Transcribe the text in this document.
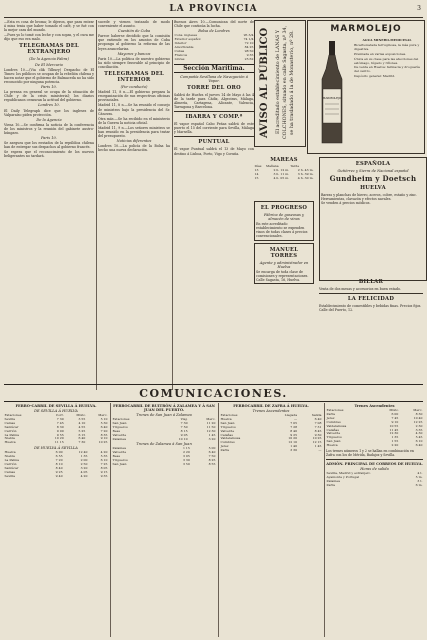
LA PROVINCIA	3

—Esta es cosa de broma; le dijeron, que para entrar á misa tenia que haber tomado el café, y se fué con la mejor cara del mundo.

—Pues yo lo tomé con leche y con sopas, y el cura me dijo que eso era malo.

TELEGRAMAS DEL EXTRANJERO
(De la Agencia Fabra)
De El Mercurio

Londres 10.—(Via clik Tilbury) Despacho de El Times: los públicos se ocupan de la rebelión chilena y hacen notar que el gobierno de Balmaceda no ha sido reconocido por ninguna potencia.

Paris 10.

La prensa en general se ocupa de la situación de Chile y de la crisis ministerial; los diarios republicanos censuran la actitud del gobierno.

Londres 10.

El Daily Telegraph dice que los ingleses de Valparaíso piden protección.

De la Agencia

Viena 10.—Se confirma la noticia de la conferencia de los ministros y la reunión del gabinete austro-húngaro.

Paris 10.

Se asegura que los enviados de la república chilena han de entregar sus despachos al gobierno francés.

Se espera que el reconocimiento de los nuevos beligerantes no tardará.

sucede y vienen tratando de modo conveniente el asunto.

Cuestión de Cuba

Parece haberse decidido que la comisión que entiende en los asuntos de Cuba proponga al gobierno la reforma de las leyes arancelarias.

Mayores y bancos

Paris 10.—La politica de nuestro gobierno ha sido siempre favorable al principio de conciliación.

TELEGRAMAS DEL INTERIOR
(Por conducto)

Madrid 11, 8 n.—El gobierno prepara la reorganización de sus respectivas oficinas provinciales.

Madrid 11, 8 n.—Se ha reunido el consejo de ministros bajo la presidencia del Sr. Cánovas.

Otra más.—Se ha recibido en el ministerio de la Guerra la noticia oficial.

Madrid 11, 9 n.—Los señores ministros se han reunido en la presidencia para tratar del presupuesto.

Noticias diferentes

Londres 10.—La policía de la Bolsa ha hecho una nueva declaración.

Buenos Aires 10.—Comunican del norte de Chile que continúa la lucha.

Bolsa de Londres
Cons. ingleses	95 3/4
Exterior español	74 1/4
Interior	72 10
Amortizable	84 25
Cubas	98 50
Francos	9 35
Libras	25 62
Sección Marítima.
Compañía Sevillana de Navegación á Vapor.
TORRE DEL ORO

Saldrá de Huelva el jueves 14 de Mayo á las 4 de la tarde para Cádiz, Algeciras, Málaga, Almería, Cartagena, Alicante, Valencia, Tarragona y Barcelona.

IBARRA Y COMP.ª

El vapor español Cabo Peñas saldrá de este puerto el 15 del corriente para Sevilla, Málaga y Marsella.

PUNTUAL

El vapor Puntual saldrá el 13 de Mayo con destino á Lisboa, Porto, Vigo y Coruña.

AVISO AL PÚBLICO El acreditado establecimiento de LANAS Y COLCHONES, situado en calle Sagasta, nº 34, se ha trasladado á la de Monasterio, nº 28.
MARMOLEJO
MARMOLEJO

AGUA MINERO-MEDICINAL

Bicarbonatada ferruginosa, la más pura y digestiva.

Premiada en varias exposiciones.

Única en su clase para las afecciones del estómago, hígado y riñones.

De venta en Huelva: farmacia y droguería del centro.

Depósito general: Madrid.

MAREAS
Días	Mañana	Tarde
13	2 h. 12 m.	2 h. 43 m.
14	3 h. 11 m.	3 h. 39 m.
15	4 h. 05 m.	4 h. 30 m.
EL PROGRESO
Fábrica de gaseosas y almacén de vinos

En este acreditado establecimiento se expenden vinos de todas clases á precios convencionales.

MANUEL TORRES
Agente y administrador en Huelva

Se encarga de toda clase de comisiones y representaciones. Calle Sagasta, 16, Huelva.

ESPAÑOLA
Gutiérrez y Sierra de Nacional español
Gundheim y Doetsch
HUELVA

Barras y planchas de hierro, aceros, cobre, estaño y zinc.

Herramientas, clavazón y efectos navales.

Se venden á precios módicos.

BILLAR

Venta de dos mesas y accesorios en buen estado.

LA FELICIDAD

Establecimiento de comestibles y bebidas finas. Precios fijos. Calle del Puerto, 12.

COMUNICACIONES.
FERRO-CARRIL DE SEVILLA Á HUELVA.
DE SEVILLA Á HUELVA
Estaciones	Corr.	Mixto	Merc.
Sevilla	7 30	3 55	5 10
Camas	7 45	4 10	5 30
Sanlúcar	8 30	4 55	6 40
Carrión	9 00	5 25	7 20
La Palma	9 55	6 15	8 35
Niebla	10 20	6 40	9 10
Huelva	11 15	7 30	10 25
DE HUELVA Á SEVILLA
Huelva	6 00	12 40	4 20
Niebla	6 55	1 35	5 35
La Palma	7 20	2 00	6 10
Carrión	8 10	2 50	7 25
Sanlúcar	8 40	3 20	8 05
Camas	9 25	4 05	9 15
Sevilla	9 40	4 20	9 35
FERROCARRIL DE BUITRÓN Á ZALAMEA Y Á SAN JUAN DEL PUERTO.
Trenes de San Juan á Zalamea
Estaciones	Viaj.	Merc.
San Juan	7 30	11 20
Trigueros	7 50	11 50
Beas	8 15	12 30
Valverde	9 05	1 45
Zalamea	10 10	3 20
Trenes de Zalamea á San Juan
Zalamea	1 15	5 00
Valverde	2 20	6 40
Beas	3 05	7 50
Trigueros	3 30	8 25
San Juan	3 50	8 55
FERROCARRIL DE ZAFRA Á HUELVA.
Trenes Ascendentes
Estaciones	Llegada	Salida
Huelva	—	6 40
San Juan	7 05	7 08
Trigueros	7 28	7 31
Valverde	8 40	8 45
Calañas	9 25	9 30
Valdelamusa	10 20	10 25
Cumbres	12 10	12 15
Jerez	1 40	1 45
Zafra	3 30	—
Trenes Ascendentes
Estaciones	Mixto	Merc.
Zafra	6 00	8 30
Jerez	7 45	10 40
Cumbres	9 10	12 25
Valdelamusa	10 55	2 30
Calañas	11 45	3 35
Valverde	12 30	4 30
Trigueros	1 35	5 45
San Juan	1 55	6 10
Huelva	2 20	6 40

Los trenes números 1 y 2 se hallan en combinación en Zafra con los de Mérida, Badajoz y Sevilla.

ADMÓN. PRINCIPAL DE CORREOS DE HUELVA.
Horas de salida
Sevilla, Madrid y extranjero	4 t.
Ayamonte y Portugal	5 m.
Zalamea	3 t.
Zafra	6 m.
